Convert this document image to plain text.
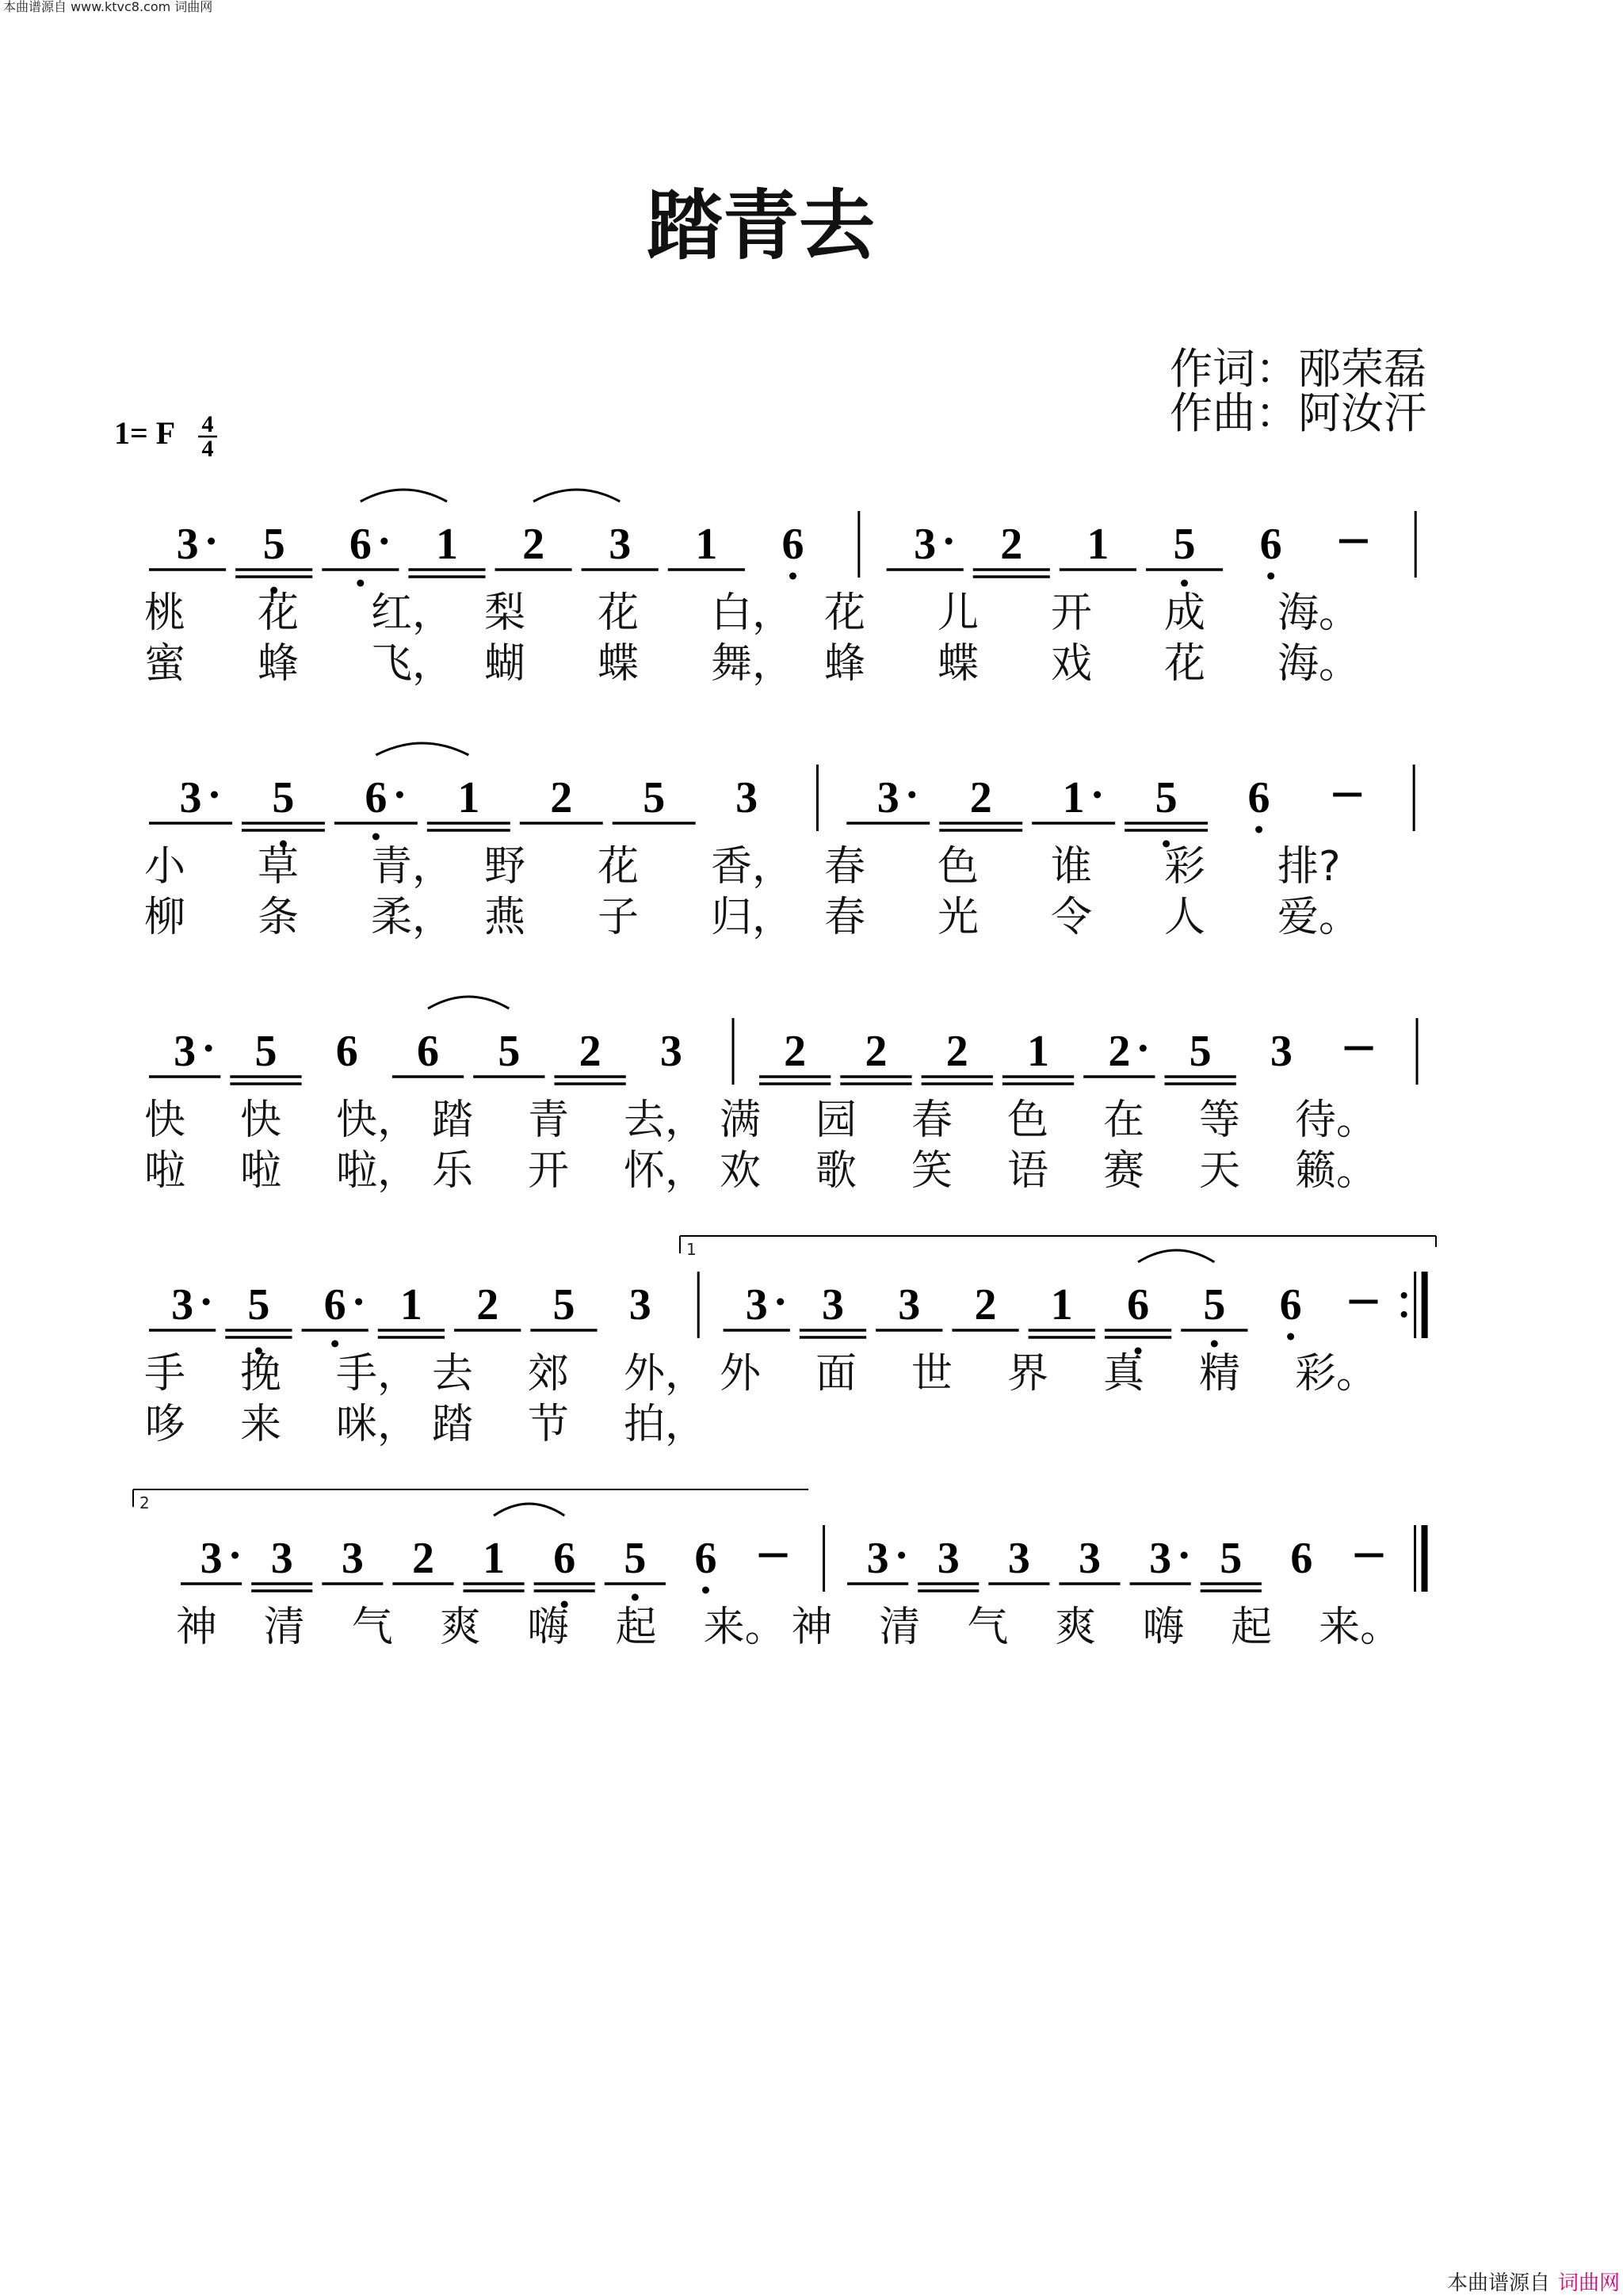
本曲谱源自 www.ktvc8.com 词曲网
踏青去
作词：邴荣磊
作曲：阿汝汗
1= F 4
4
3 5 6 1 2 3 1 6 3 2 1 5 6
桃 花 红， 梨 花 白， 花 儿 开 成 海。
蜜 蜂 飞， 蝴 蝶 舞， 蜂 蝶 戏 花 海。
3 5 6 1 2 5 3	3 2 1 5 6
小 草 青， 野 花 香， 春 色 谁 彩 排?
柳 条 柔， 燕 子 归， 春 光 令 人 爱。
3 5 6 6 5 2 3 2 2 2 1 2 5 3
快 快 快， 踏 青 去， 满 园 春 色 在 等 待。
啦 啦 啦， 乐 开 怀， 欢 歌 笑 语 赛 天 籁。
3 5 6 1 2 5 3 3 3 3 2 1 6 5 6
1
手 挽 手， 去 郊 外， 外 面 世 界 真 精 彩。
哆 来 咪， 踏 节 拍，
3 3 3 2 1 6 5 6	3 3 3 3 3 5 6
2
神 清 气 爽 嗨 起 来。 神 清 气 爽 嗨 起 来。
本曲谱源自 词曲网
